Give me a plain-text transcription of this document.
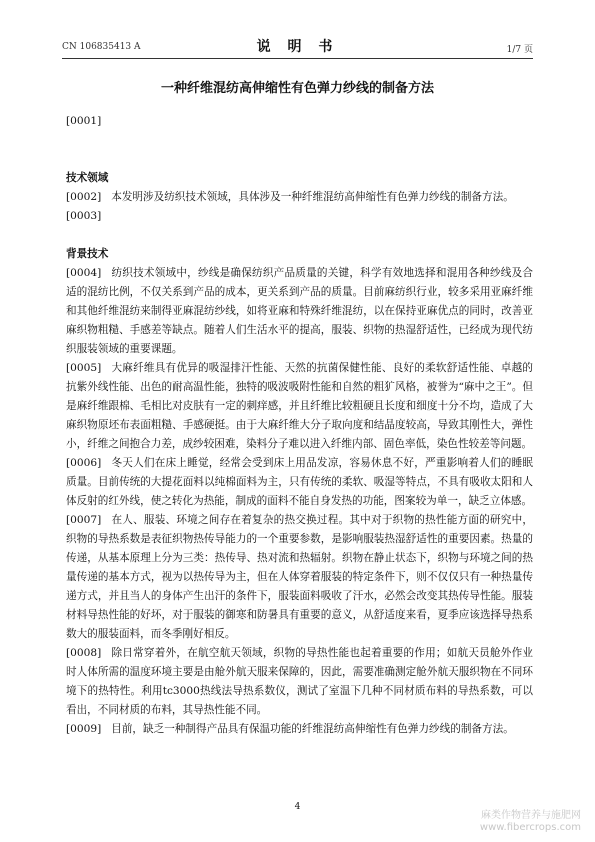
CN 106835413 A	说 明 书	1/7 页
一种纤维混纺高伸缩性有色弹力纱线的制备方法
[0001]
技术领域
[0002] 本发明涉及纺织技术领域，具体涉及一种纤维混纺高伸缩性有色弹力纱线的制备方法。
[0003]
背景技术
[0004] 纺织技术领域中，纱线是确保纺织产品质量的关键，科学有效地选择和混用各种纱线及合适的混纺比例，不仅关系到产品的成本，更关系到产品的质量。目前麻纺织行业，较多采用亚麻纤维和其他纤维混纺来制得亚麻混纺纱线，如将亚麻和特殊纤维混纺，以在保持亚麻优点的同时，改善亚麻织物粗糙、手感差等缺点。随着人们生活水平的提高，服装、织物的热湿舒适性，已经成为现代纺织服装领域的重要课题。
[0005] 大麻纤维具有优异的吸湿排汗性能、天然的抗菌保健性能、良好的柔软舒适性能、卓越的抗紫外线性能、出色的耐高温性能，独特的吸波吸附性能和自然的粗犷风格，被誉为“麻中之王”。但是麻纤维跟棉、毛相比对皮肤有一定的刺痒感，并且纤维比较粗硬且长度和细度十分不均，造成了大麻织物原坯布表面粗糙、手感硬挺。由于大麻纤维大分子取向度和结晶度较高，导致其刚性大，弹性小，纤维之间抱合力差，成纱较困难，染料分子难以进入纤维内部、固色率低，染色性较差等问题。
[0006] 冬天人们在床上睡觉，经常会受到床上用品发凉，容易休息不好，严重影响着人们的睡眠质量。目前传统的大提花面料以纯棉面料为主，只有传统的柔软、吸湿等特点，不具有吸收太阳和人体反射的红外线，使之转化为热能，制成的面料不能自身发热的功能，图案较为单一，缺乏立体感。
[0007] 在人、服装、环境之间存在着复杂的热交换过程。其中对于织物的热性能方面的研究中，织物的导热系数是表征织物热传导能力的一个重要参数，是影响服装热湿舒适性的重要因素。热量的传递，从基本原理上分为三类：热传导、热对流和热辐射。织物在静止状态下，织物与环境之间的热量传递的基本方式，视为以热传导为主，但在人体穿着服装的特定条件下，则不仅仅只有一种热量传递方式，并且当人的身体产生出汗的条件下，服装面料吸收了汗水，必然会改变其热传导性能。服装材料导热性能的好坏，对于服装的御寒和防暑具有重要的意义，从舒适度来看，夏季应该选择导热系数大的服装面料，而冬季刚好相反。
[0008] 除日常穿着外，在航空航天领域，织物的导热性能也起着重要的作用；如航天员舱外作业时人体所需的温度环境主要是由舱外航天服来保障的，因此，需要准确测定舱外航天服织物在不同环境下的热特性。利用tc3000热线法导热系数仪，测试了室温下几种不同材质布料的导热系数，可以看出，不同材质的布料，其导热性能不同。
[0009] 目前，缺乏一种制得产品具有保温功能的纤维混纺高伸缩性有色弹力纱线的制备方法。
4
麻类作物营养与施肥网
www.fibercrops.com
